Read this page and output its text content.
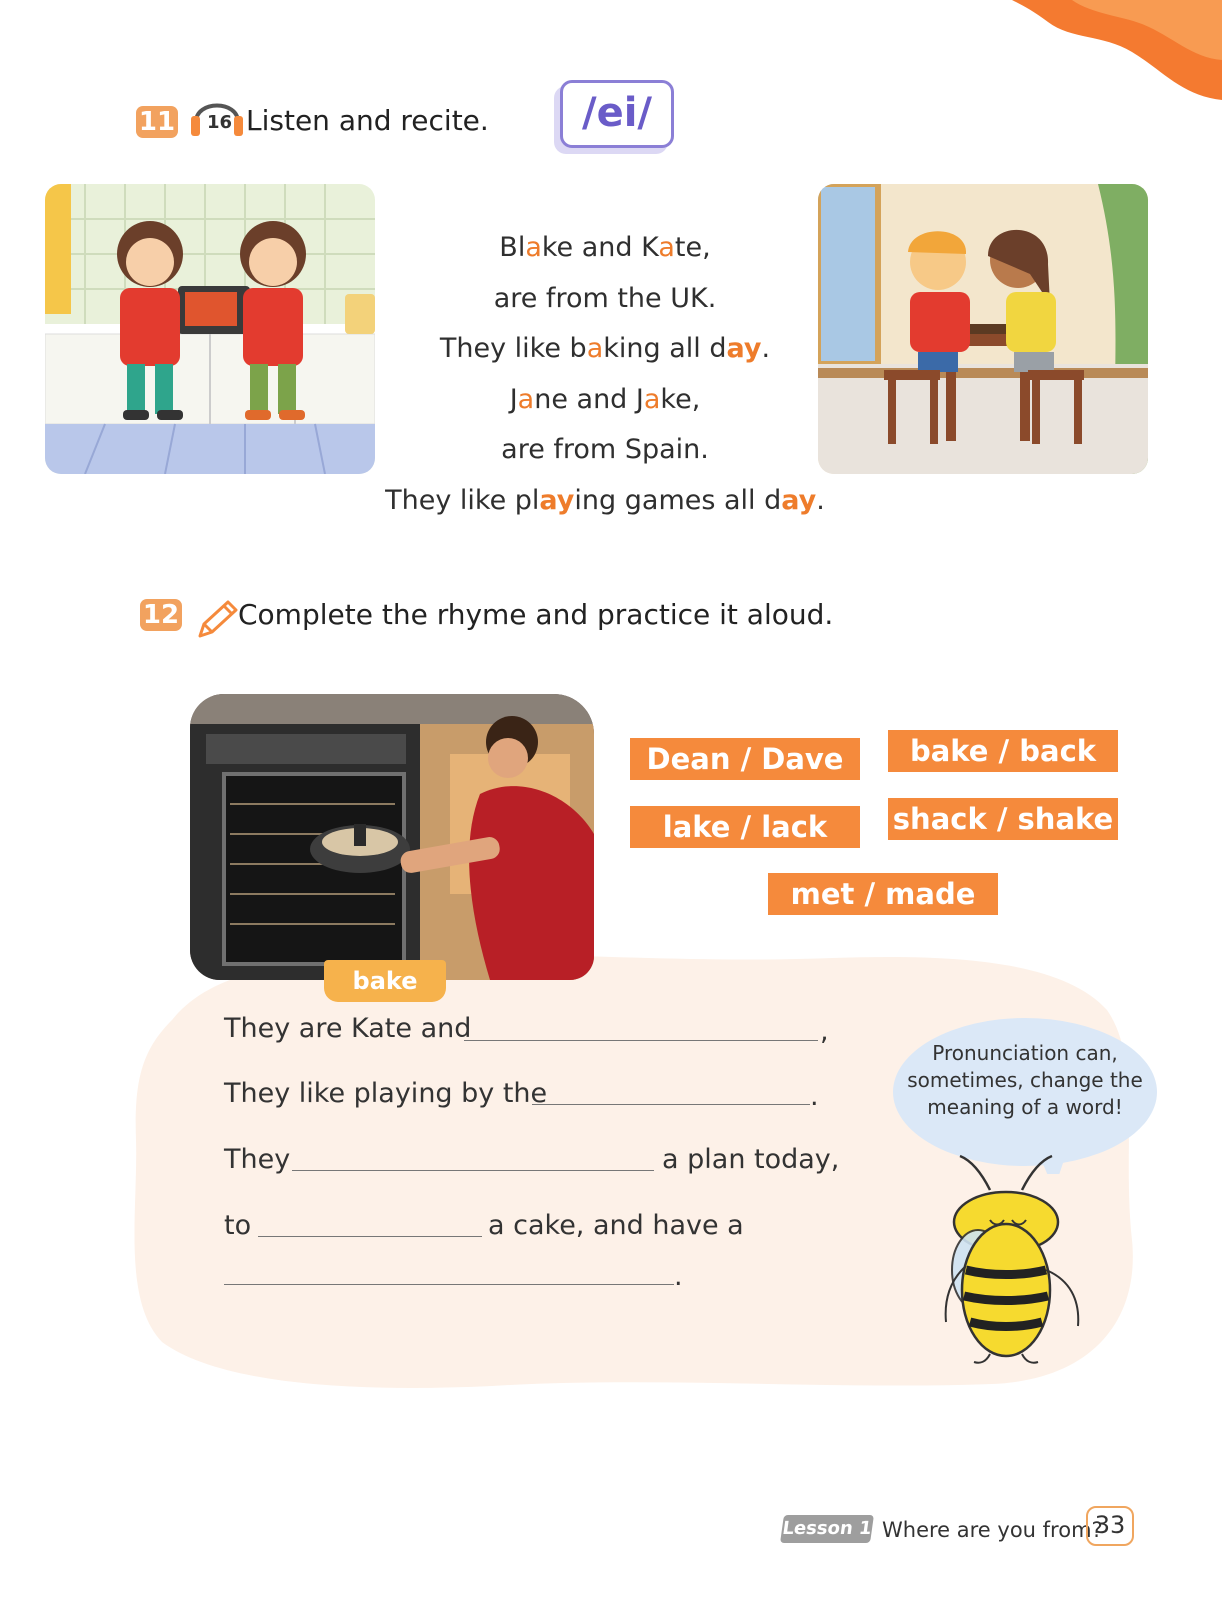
11 16 Listen and recite.	/ei/
Blake and Kate,
are from the UK.
They like baking all day.
Jane and Jake,
are from Spain.
They like playing games all day.
12 Complete the rhyme and practice it aloud.
bake
Dean / Dave	bake / back
lake / lack	shack / shake
met / made
They are Kate and	,
They like playing by the	.
They	a plan today,
to	a cake, and have a
.
Pronunciation can, sometimes, change the meaning of a word!
Lesson 1 Where are you from?
33
